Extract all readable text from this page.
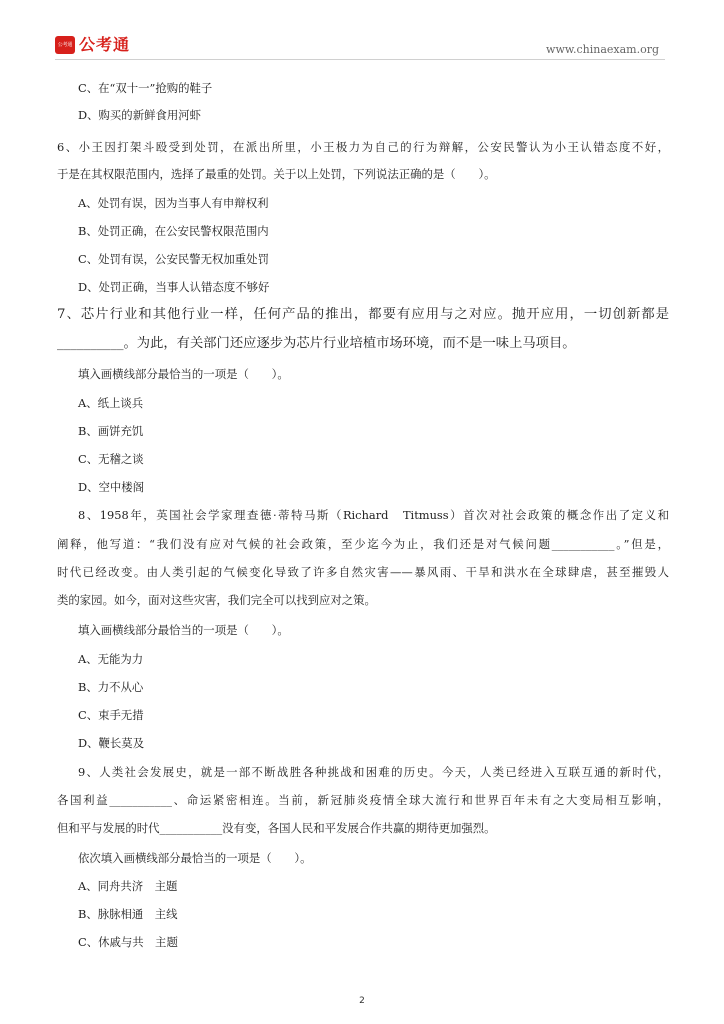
公考通 公考通	www.chinaexam.org
C、在“双十一”抢购的鞋子
D、购买的新鲜食用河虾
6、小王因打架斗殴受到处罚，在派出所里，小王极力为自己的行为辩解，公安民警认为小王认错态度不好，
于是在其权限范围内，选择了最重的处罚。关于以上处罚，下列说法正确的是（　　）。
A、处罚有误，因为当事人有申辩权利
B、处罚正确，在公安民警权限范围内
C、处罚有误，公安民警无权加重处罚
D、处罚正确，当事人认错态度不够好
7、芯片行业和其他行业一样，任何产品的推出，都要有应用与之对应。抛开应用，一切创新都是
__________。为此，有关部门还应逐步为芯片行业培植市场环境，而不是一味上马项目。
填入画横线部分最恰当的一项是（　　）。
A、纸上谈兵
B、画饼充饥
C、无稽之谈
D、空中楼阁
8、1958年，英国社会学家理查德·蒂特马斯（Richard　Titmuss）首次对社会政策的概念作出了定义和
阐释，他写道：“我们没有应对气候的社会政策，至少迄今为止，我们还是对气候问题___________。”但是，
时代已经改变。由人类引起的气候变化导致了许多自然灾害——暴风雨、干旱和洪水在全球肆虐，甚至摧毁人
类的家园。如今，面对这些灾害，我们完全可以找到应对之策。
填入画横线部分最恰当的一项是（　　）。
A、无能为力
B、力不从心
C、束手无措
D、鞭长莫及
9、人类社会发展史，就是一部不断战胜各种挑战和困难的历史。今天，人类已经进入互联互通的新时代，
各国利益___________、命运紧密相连。当前，新冠肺炎疫情全球大流行和世界百年未有之大变局相互影响，
但和平与发展的时代___________没有变，各国人民和平发展合作共赢的期待更加强烈。
依次填入画横线部分最恰当的一项是（　　）。
A、同舟共济　主题
B、脉脉相通　主线
C、休戚与共　主题
2
